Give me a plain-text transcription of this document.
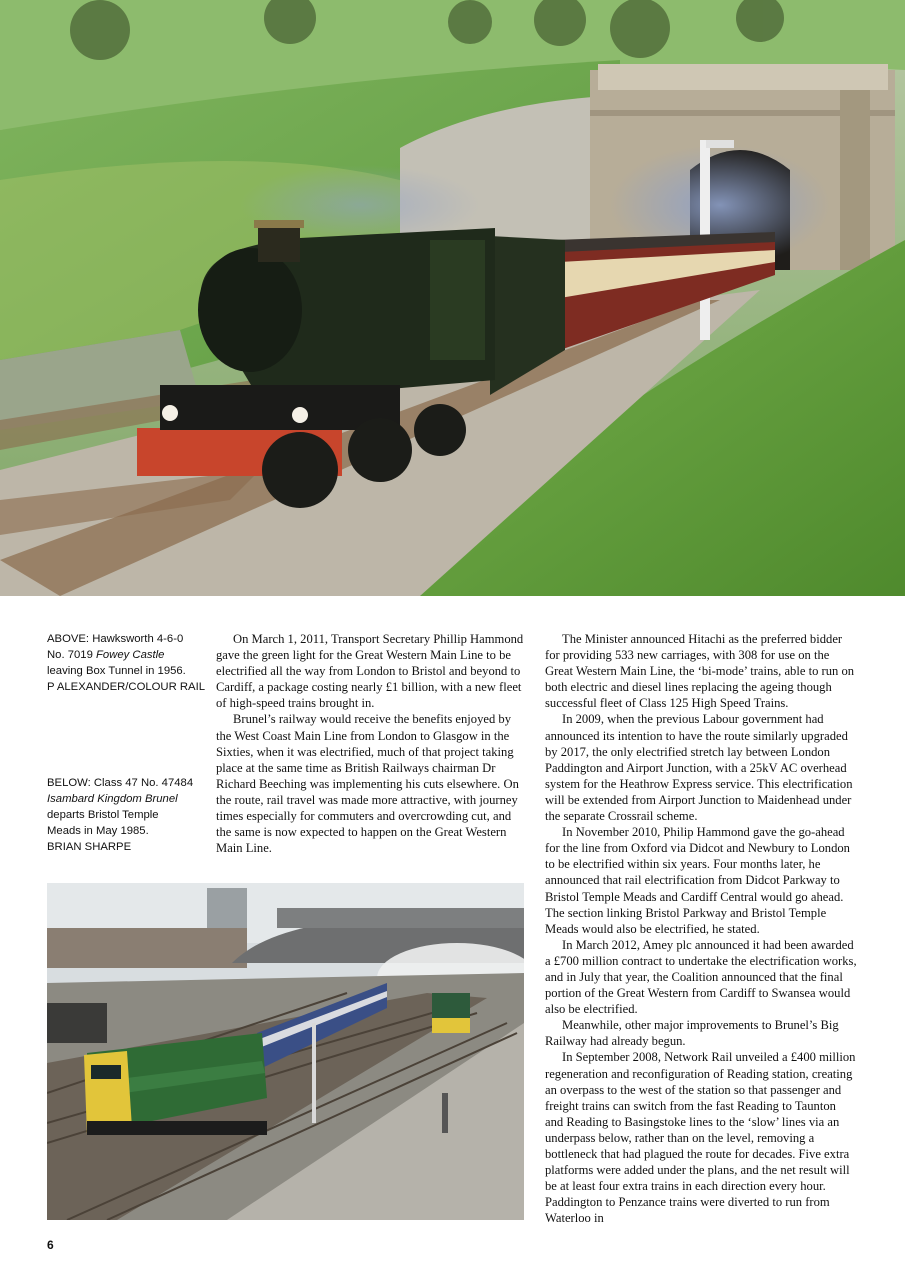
ABOVE: Hawksworth 4-6-0
No. 7019 Fowey Castle
leaving Box Tunnel in 1956.
P ALEXANDER/COLOUR RAIL
BELOW: Class 47 No. 47484
Isambard Kingdom Brunel
departs Bristol Temple
Meads in May 1985.
BRIAN SHARPE

On March 1, 2011, Transport Secretary Phillip Hammond gave the green light for the Great Western Main Line to be electrified all the way from London to Bristol and beyond to Cardiff, a package costing nearly £1 billion, with a new fleet of high-speed trains brought in.

Brunel’s railway would receive the benefits enjoyed by the West Coast Main Line from London to Glasgow in the Sixties, when it was electrified, much of that project taking place at the same time as British Railways chairman Dr Richard Beeching was implementing his cuts elsewhere. On the route, rail travel was made more attractive, with journey times especially for commuters and overcrowding cut, and the same is now expected to happen on the Great Western Main Line.

The Minister announced Hitachi as the preferred bidder for providing 533 new carriages, with 308 for use on the Great Western Main Line, the ‘bi-mode’ trains, able to run on both electric and diesel lines replacing the ageing though successful fleet of Class 125 High Speed Trains.

In 2009, when the previous Labour government had announced its intention to have the route similarly upgraded by 2017, the only electrified stretch lay between London Paddington and Airport Junction, with a 25kV AC overhead system for the Heathrow Express service. This electrification will be extended from Airport Junction to Maidenhead under the separate Crossrail scheme.

In November 2010, Philip Hammond gave the go-ahead for the line from Oxford via Didcot and Newbury to London to be electrified within six years. Four months later, he announced that rail electrification from Didcot Parkway to Bristol Temple Meads and Cardiff Central would go ahead. The section linking Bristol Parkway and Bristol Temple Meads would also be electrified, he stated.

In March 2012, Amey plc announced it had been awarded a £700 million contract to undertake the electrification works, and in July that year, the Coalition announced that the final portion of the Great Western from Cardiff to Swansea would also be electrified.

Meanwhile, other major improvements to Brunel’s Big Railway had already begun.

In September 2008, Network Rail unveiled a £400 million regeneration and reconfiguration of Reading station, creating an overpass to the west of the station so that passenger and freight trains can switch from the fast Reading to Taunton and Reading to Basingstoke lines to the ‘slow’ lines via an underpass below, rather than on the level, removing a bottleneck that had plagued the route for decades. Five extra platforms were added under the plans, and the net result will be at least four extra trains in each direction every hour. Paddington to Penzance trains were diverted to run from Waterloo in

6
